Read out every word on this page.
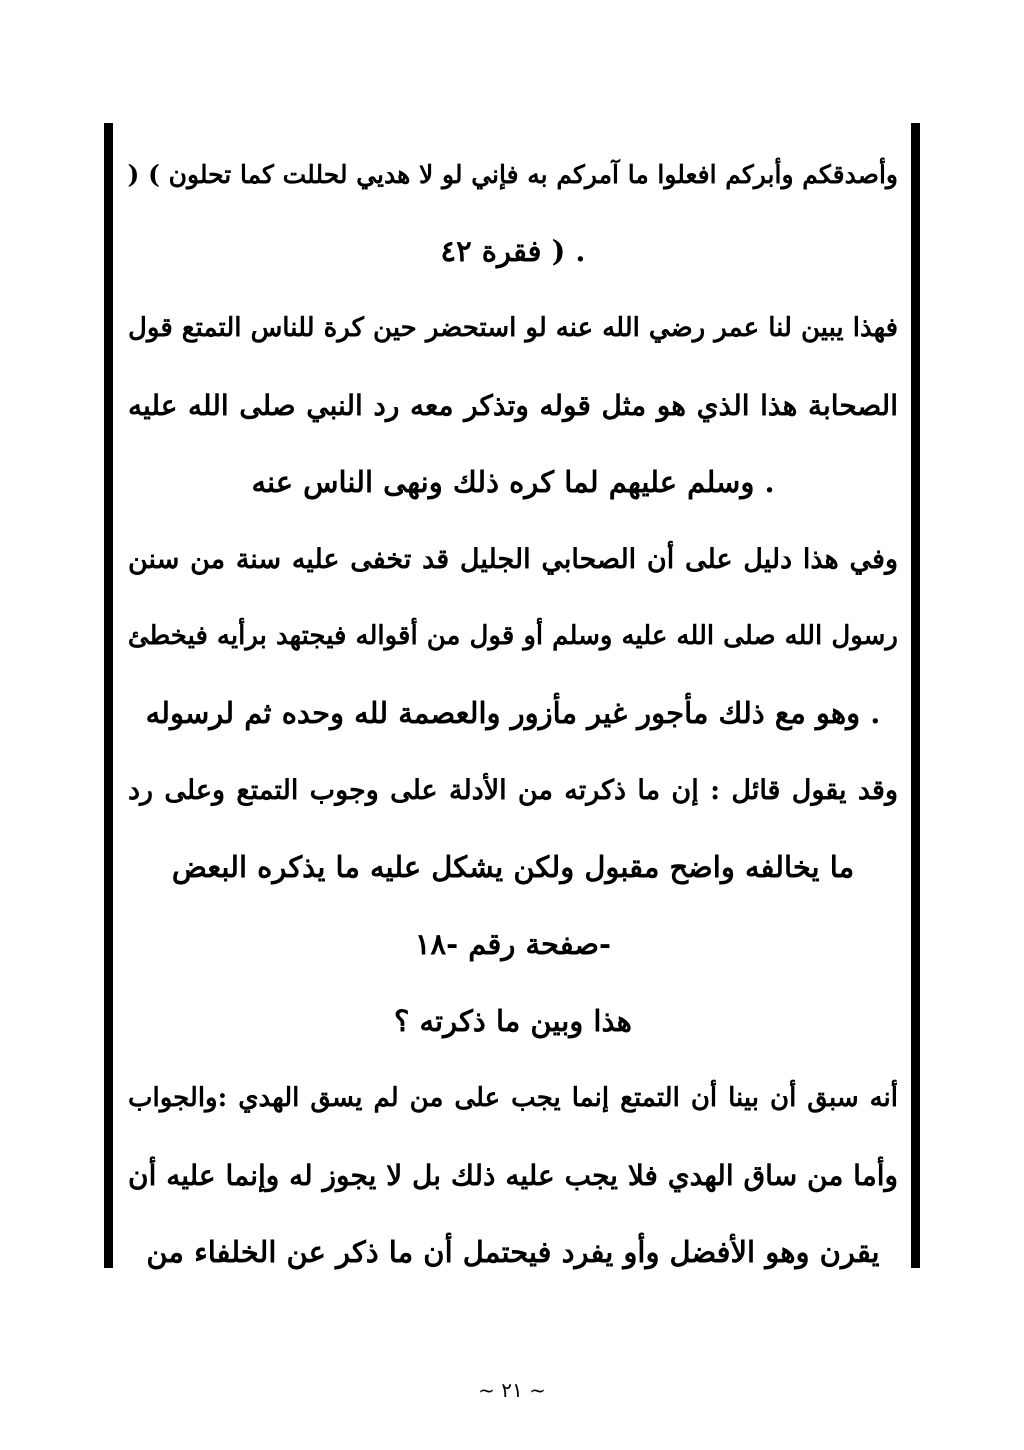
وأصدقكم وأبركم افعلوا ما آمركم به فإني لو لا هديي لحللت كما تحلون ) (
. ( فقرة ٤٢
فهذا يبين لنا عمر رضي الله عنه لو استحضر حين كرة للناس التمتع قول
الصحابة هذا الذي هو مثل قوله وتذكر معه رد النبي صلى الله عليه
. وسلم عليهم لما كره ذلك ونهى الناس عنه
وفي هذا دليل على أن الصحابي الجليل قد تخفى عليه سنة من سنن
رسول الله صلى الله عليه وسلم أو قول من أقواله فيجتهد برأيه فيخطئ
. وهو مع ذلك مأجور غير مأزور والعصمة لله وحده ثم لرسوله
وقد يقول قائل : إن ما ذكرته من الأدلة على وجوب التمتع وعلى رد
ما يخالفه واضح مقبول ولكن يشكل عليه ما يذكره البعض
-صفحة رقم -١٨
هذا وبين ما ذكرته ؟
أنه سبق أن بينا أن التمتع إنما يجب على من لم يسق الهدي :والجواب
وأما من ساق الهدي فلا يجب عليه ذلك بل لا يجوز له وإنما عليه أن
يقرن وهو الأفضل وأو يفرد فيحتمل أن ما ذكر عن الخلفاء من
~ ٢١ ~
